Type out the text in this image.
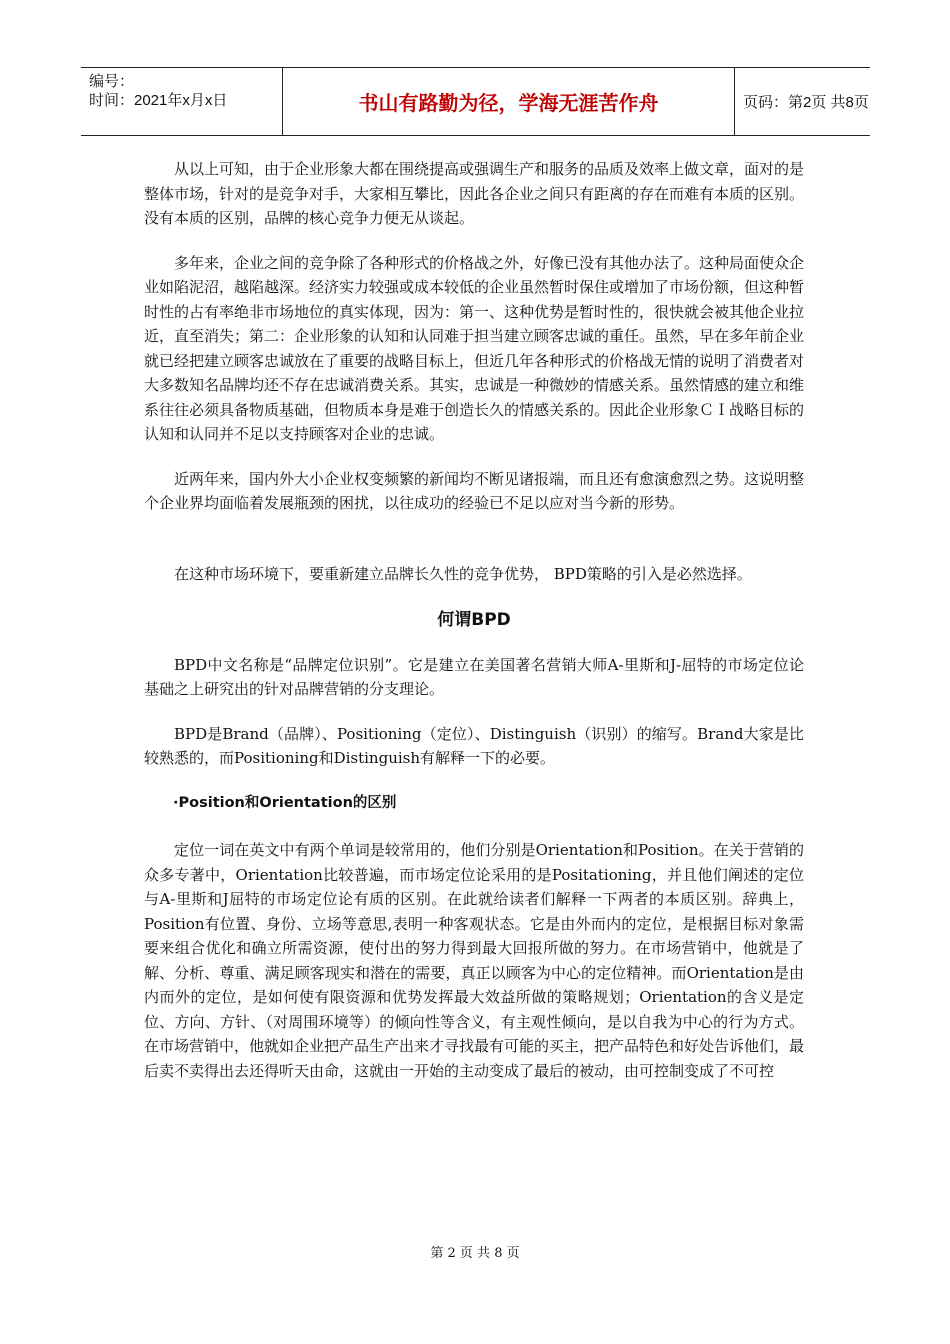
编号：
时间：2021年x月x日	书山有路勤为径，学海无涯苦作舟	页码：第2页 共8页

从以上可知，由于企业形象大都在围绕提高或强调生产和服务的品质及效率上做文章，面对的是整体市场，针对的是竞争对手，大家相互攀比，因此各企业之间只有距离的存在而难有本质的区别。没有本质的区别，品牌的核心竞争力便无从谈起。

多年来，企业之间的竞争除了各种形式的价格战之外，好像已没有其他办法了。这种局面使众企业如陷泥沼，越陷越深。经济实力较强或成本较低的企业虽然暂时保住或增加了市场份额，但这种暂时性的占有率绝非市场地位的真实体现，因为：第一、这种优势是暂时性的，很快就会被其他企业拉近，直至消失；第二：企业形象的认知和认同难于担当建立顾客忠诚的重任。虽然，早在多年前企业就已经把建立顾客忠诚放在了重要的战略目标上，但近几年各种形式的价格战无情的说明了消费者对大多数知名品牌均还不存在忠诚消费关系。其实，忠诚是一种微妙的情感关系。虽然情感的建立和维系往往必须具备物质基础，但物质本身是难于创造长久的情感关系的。因此企业形象ＣＩ战略目标的认知和认同并不足以支持顾客对企业的忠诚。

近两年来，国内外大小企业权变频繁的新闻均不断见诸报端，而且还有愈演愈烈之势。这说明整个企业界均面临着发展瓶颈的困扰，以往成功的经验已不足以应对当今新的形势。

在这种市场环境下，要重新建立品牌长久性的竞争优势， BPD策略的引入是必然选择。

何谓BPD

BPD中文名称是“品牌定位识别”。它是建立在美国著名营销大师A-里斯和J-屈特的市场定位论基础之上研究出的针对品牌营销的分支理论。

BPD是Brand（品牌）、Positioning（定位）、Distinguish（识别）的缩写。Brand大家是比较熟悉的，而Positioning和Distinguish有解释一下的必要。

·Position和Orientation的区别

定位一词在英文中有两个单词是较常用的，他们分别是Orientation和Position。在关于营销的众多专著中，Orientation比较普遍，而市场定位论采用的是Positationing，并且他们阐述的定位与A-里斯和J屈特的市场定位论有质的区别。在此就给读者们解释一下两者的本质区别。辞典上，Position有位置、身份、立场等意思,表明一种客观状态。它是由外而内的定位，是根据目标对象需要来组合优化和确立所需资源，使付出的努力得到最大回报所做的努力。在市场营销中，他就是了解、分析、尊重、满足顾客现实和潜在的需要，真正以顾客为中心的定位精神。而Orientation是由内而外的定位，是如何使有限资源和优势发挥最大效益所做的策略规划；Orientation的含义是定位、方向、方针、（对周围环境等）的倾向性等含义，有主观性倾向，是以自我为中心的行为方式。在市场营销中，他就如企业把产品生产出来才寻找最有可能的买主，把产品特色和好处告诉他们，最后卖不卖得出去还得听天由命，这就由一开始的主动变成了最后的被动，由可控制变成了不可控

第 2 页 共 8 页
